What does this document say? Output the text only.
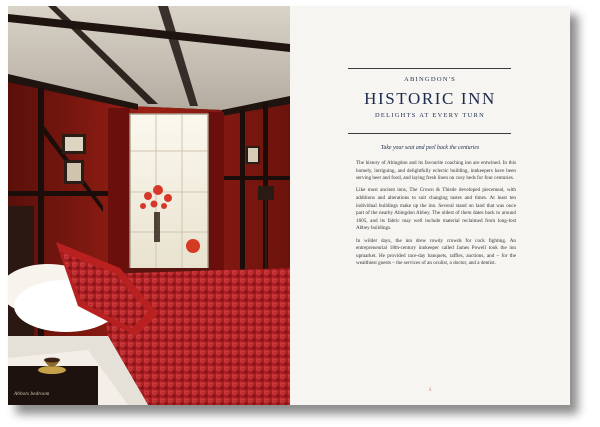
Abbots bedroom
ABINGDON'S
HISTORIC INN
DELIGHTS AT EVERY TURN
Take your seat and peel back the centuries

The history of Abingdon and its favourite coaching inn are entwined. In this homely, intriguing, and delightfully eclectic building, innkeepers have been serving beer and food, and laying fresh linen on cosy beds for four centuries.

Like most ancient inns, The Crown & Thistle developed piecemeal, with additions and alterations to suit changing tastes and times. At least ten individual buildings make up the inn. Several stand on land that was once part of the nearby Abingdon Abbey. The oldest of them dates back to around 1605, and its fabric may well include material reclaimed from long-lost Abbey buildings.

In wilder days, the inn drew rowdy crowds for cock fighting. An entrepreneurial 18th-century innkeeper called James Powell took the inn upmarket. He provided race-day banquets, raffles, auctions, and – for the wealthiest guests – the services of an oculist, a doctor, and a dentist.

1
